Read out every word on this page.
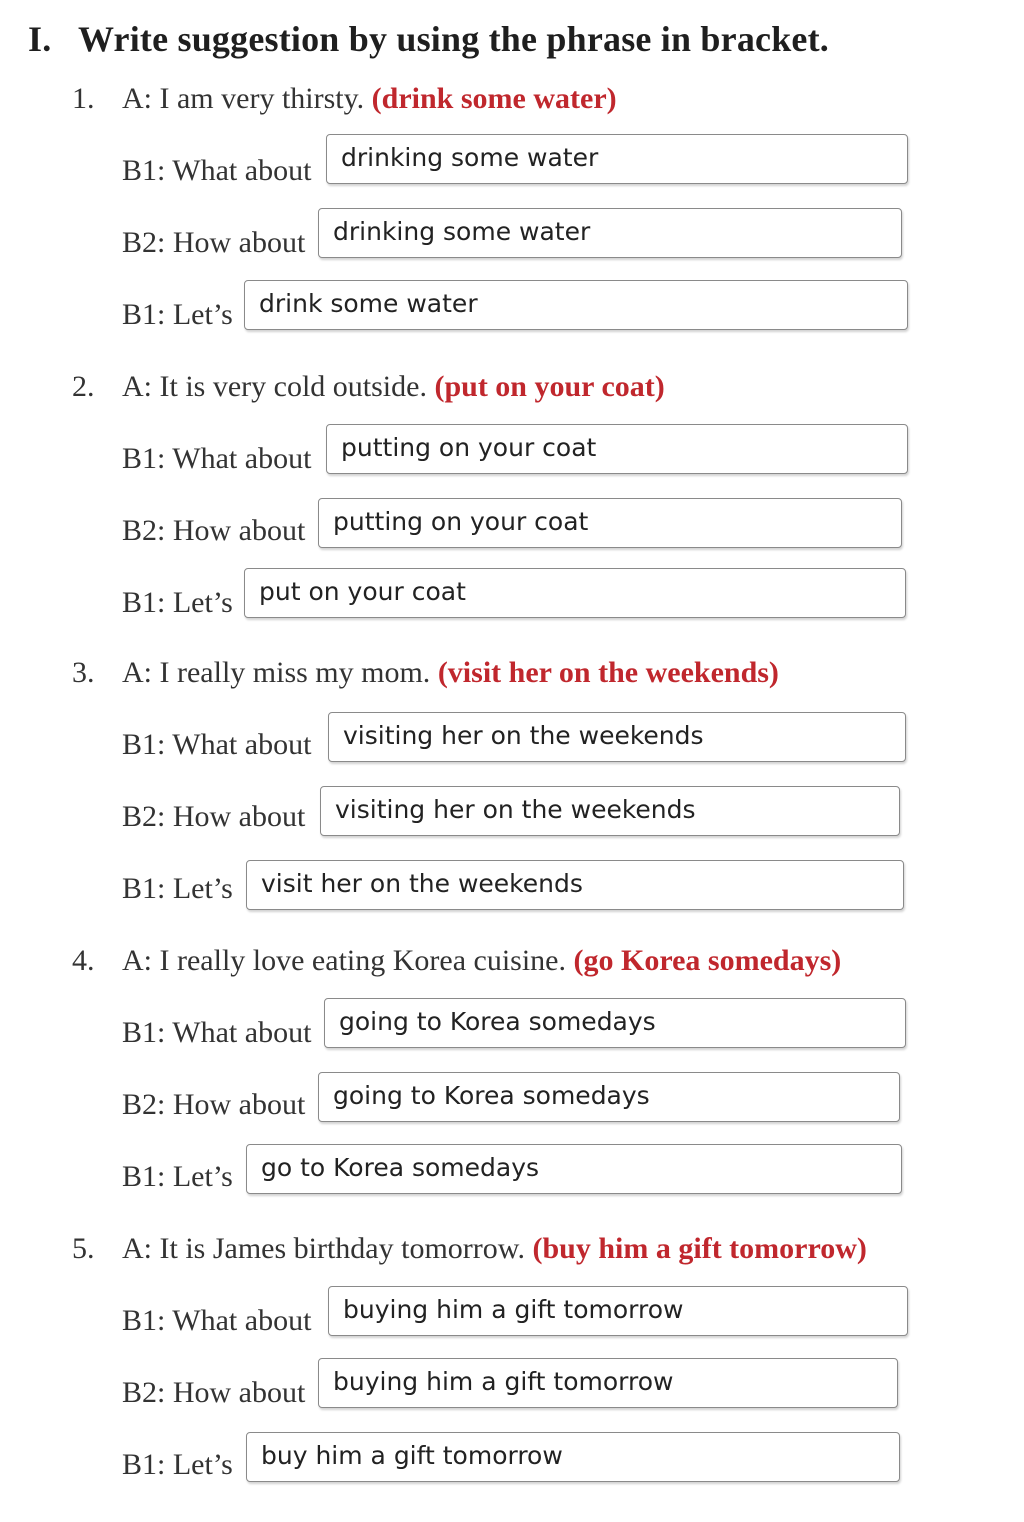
I. Write suggestion by using the phrase in bracket.
1. A: I am very thirsty. (drink some water)
B1: What about	drinking some water
B2: How about	drinking some water
B1: Let’s	drink some water
2. A: It is very cold outside. (put on your coat)
B1: What about	putting on your coat
B2: How about	putting on your coat
B1: Let’s	put on your coat
3. A: I really miss my mom. (visit her on the weekends)
B1: What about	visiting her on the weekends
B2: How about	visiting her on the weekends
B1: Let’s	visit her on the weekends
4. A: I really love eating Korea cuisine. (go Korea somedays)
B1: What about	going to Korea somedays
B2: How about	going to Korea somedays
B1: Let’s	go to Korea somedays
5. A: It is James birthday tomorrow. (buy him a gift tomorrow)
B1: What about	buying him a gift tomorrow
B2: How about	buying him a gift tomorrow
B1: Let’s	buy him a gift tomorrow
